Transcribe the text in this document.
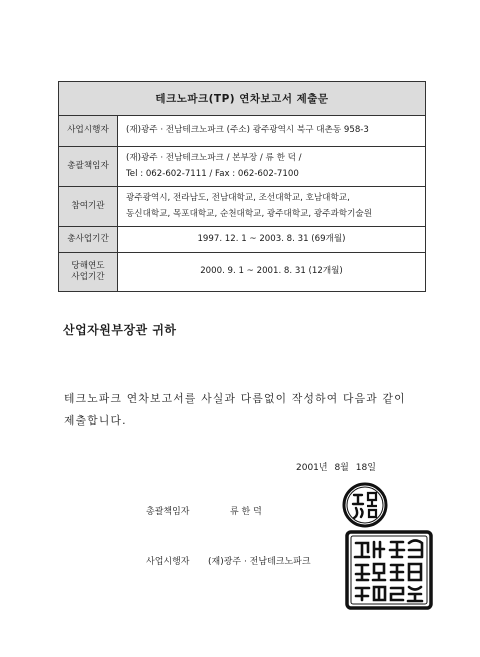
테크노파크(TP) 연차보고서 제출문	
사업시행자	(재)광주 · 전남테크노파크 (주소) 광주광역시 북구 대촌동 958-3
총괄책임자	(재)광주 · 전남테크노파크 / 본부장 / 류 한 덕 /
Tel : 062-602-7111 / Fax : 062-602-7100

참여기관	광주광역시, 전라남도, 전남대학교, 조선대학교, 호남대학교,
동신대학교, 목포대학교, 순천대학교, 광주대학교, 광주과학기술원

총사업기간	1997. 12. 1 ~ 2003. 8. 31 (69개월)

당해연도
사업기간	2000. 9. 1 ~ 2001. 8. 31 (12개월)
산업자원부장관 귀하
테크노파크 연차보고서를 사실과 다름없이 작성하여 다음과 같이
제출합니다.
2001년 8월 18일
총괄책임자	류 한 덕
사업시행자 (재)광주 · 전남테크노파크
